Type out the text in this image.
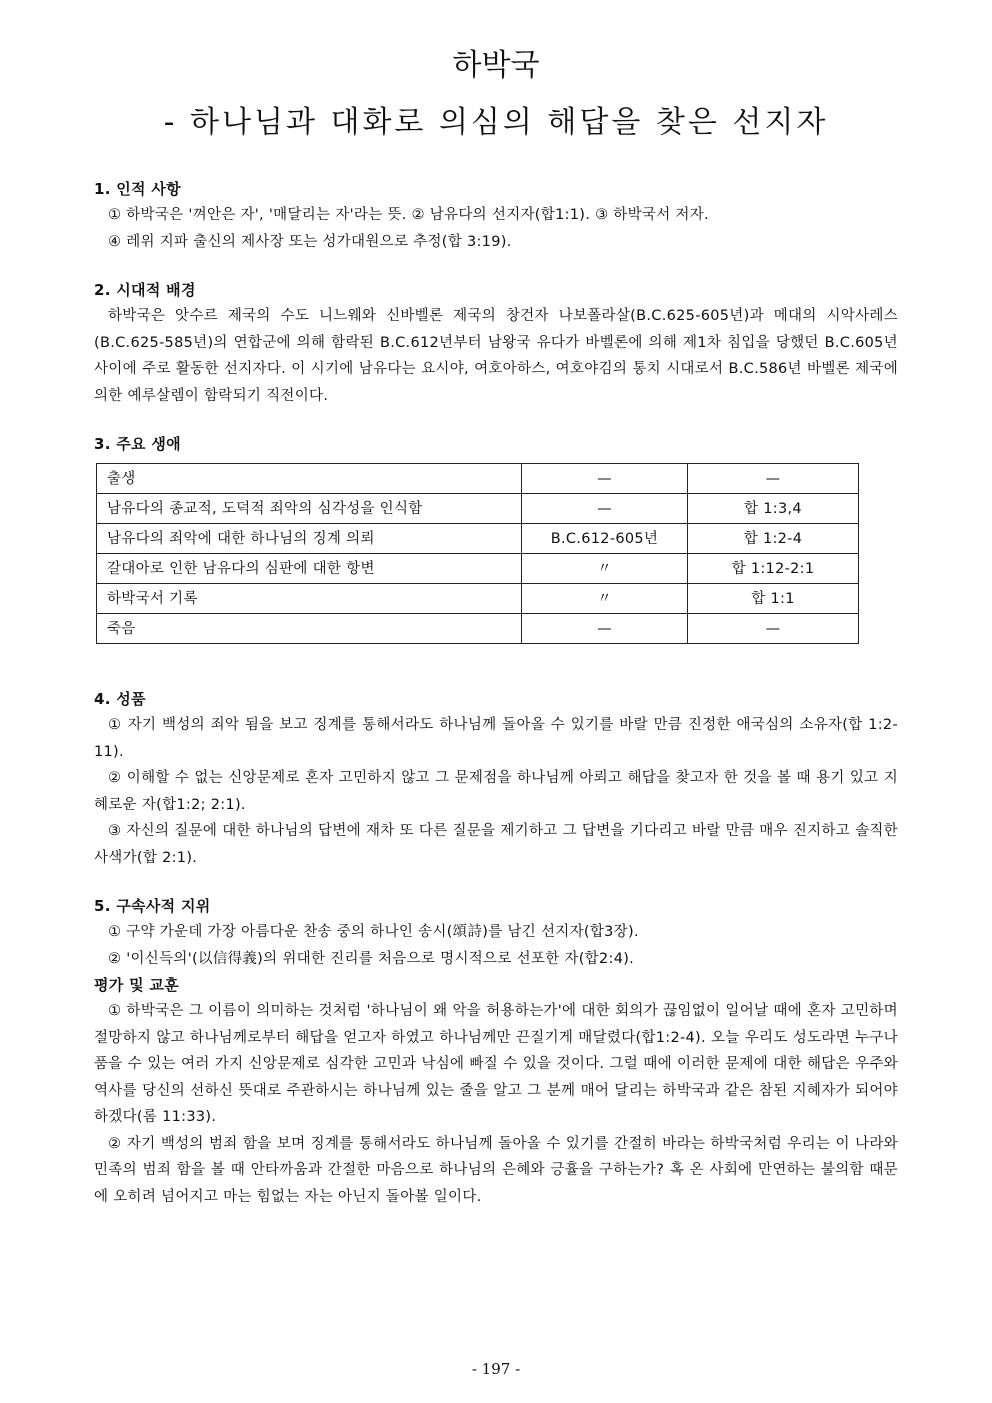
하박국
- 하나님과 대화로 의심의 해답을 찾은 선지자
1. 인적 사항
① 하박국은 '껴안은 자', '매달리는 자'라는 뜻. ② 남유다의 선지자(합1:1). ③ 하박국서 저자.
④ 레위 지파 출신의 제사장 또는 성가대원으로 추정(합 3:19).
2. 시대적 배경

하박국은 앗수르 제국의 수도 니느웨와 신바벨론 제국의 창건자 나보폴라살(B.C.625-605년)과 메대의 시악사레스(B.C.625-585년)의 연합군에 의해 함락된 B.C.612년부터 남왕국 유다가 바벨론에 의해 제1차 침입을 당했던 B.C.605년 사이에 주로 활동한 선지자다. 이 시기에 남유다는 요시야, 여호아하스, 여호야김의 통치 시대로서 B.C.586년 바벨론 제국에 의한 예루살렘이 함락되기 직전이다.

3. 주요 생애
출생	—	—
남유다의 종교적, 도덕적 죄악의 심각성을 인식함	—	합 1:3,4
남유다의 죄악에 대한 하나님의 징계 의뢰	B.C.612-605년	합 1:2-4
갈대아로 인한 남유다의 심판에 대한 항변	〃	합 1:12-2:1
하박국서 기록	〃	합 1:1
죽음	—	—
4. 성품
① 자기 백성의 죄악 됨을 보고 징계를 통해서라도 하나님께 돌아올 수 있기를 바랄 만큼 진정한 애국심의 소유자(합 1:2-11).
② 이해할 수 없는 신앙문제로 혼자 고민하지 않고 그 문제점을 하나님께 아뢰고 해답을 찾고자 한 것을 볼 때 용기 있고 지혜로운 자(합1:2; 2:1).
③ 자신의 질문에 대한 하나님의 답변에 재차 또 다른 질문을 제기하고 그 답변을 기다리고 바랄 만큼 매우 진지하고 솔직한 사색가(합 2:1).
5. 구속사적 지위
① 구약 가운데 가장 아름다운 찬송 중의 하나인 송시(頌詩)를 남긴 선지자(합3장).
② '이신득의'(以信得義)의 위대한 진리를 처음으로 명시적으로 선포한 자(합2:4).
평가 및 교훈
① 하박국은 그 이름이 의미하는 것처럼 '하나님이 왜 악을 허용하는가'에 대한 회의가 끊임없이 일어날 때에 혼자 고민하며 절망하지 않고 하나님께로부터 해답을 얻고자 하였고 하나님께만 끈질기게 매달렸다(합1:2-4). 오늘 우리도 성도라면 누구나 품을 수 있는 여러 가지 신앙문제로 심각한 고민과 낙심에 빠질 수 있을 것이다. 그럴 때에 이러한 문제에 대한 해답은 우주와 역사를 당신의 선하신 뜻대로 주관하시는 하나님께 있는 줄을 알고 그 분께 매어 달리는 하박국과 같은 참된 지혜자가 되어야 하겠다(롬 11:33).
② 자기 백성의 범죄 함을 보며 징계를 통해서라도 하나님께 돌아올 수 있기를 간절히 바라는 하박국처럼 우리는 이 나라와 민족의 범죄 함을 볼 때 안타까움과 간절한 마음으로 하나님의 은혜와 긍휼을 구하는가? 혹 온 사회에 만연하는 불의함 때문에 오히려 넘어지고 마는 힘없는 자는 아닌지 돌아볼 일이다.
- 197 -
